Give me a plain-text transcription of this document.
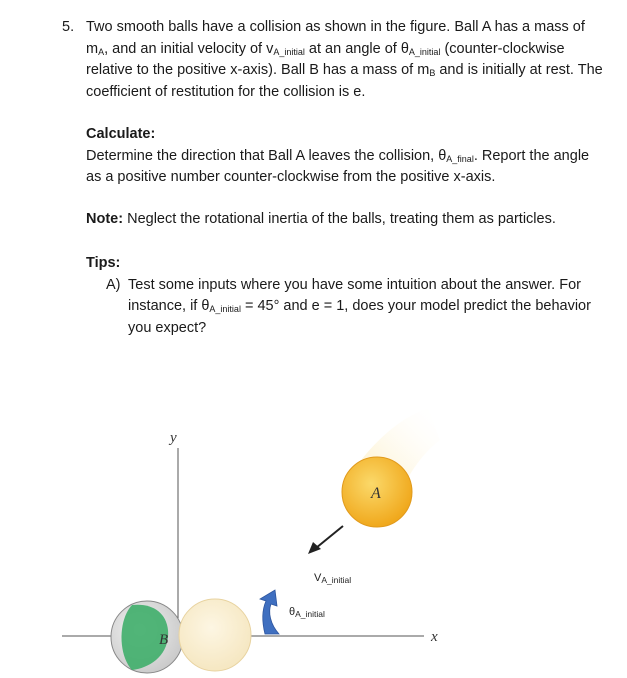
5. Two smooth balls have a collision as shown in the figure. Ball A has a mass of $m_A$, and an initial velocity of $v_{A\_initial}$ at an angle of $\theta_{A\_initial}$ (counter-clockwise relative to the positive x-axis). Ball B has a mass of $m_B$ and is initially at rest. The coefficient of restitution for the collision is e.
Calculate:
Determine the direction that Ball A leaves the collision, $\theta_{A\_final}$. Report the angle as a positive number counter-clockwise from the positive x-axis.
Note: Neglect the rotational inertia of the balls, treating them as particles.
Tips:
A) Test some inputs where you have some intuition about the answer. For instance, if $\theta_{A\_initial} = 45^\circ$ and e = 1, does your model predict the behavior you expect?
y
x
A
VA_initial
B
θA_initial
